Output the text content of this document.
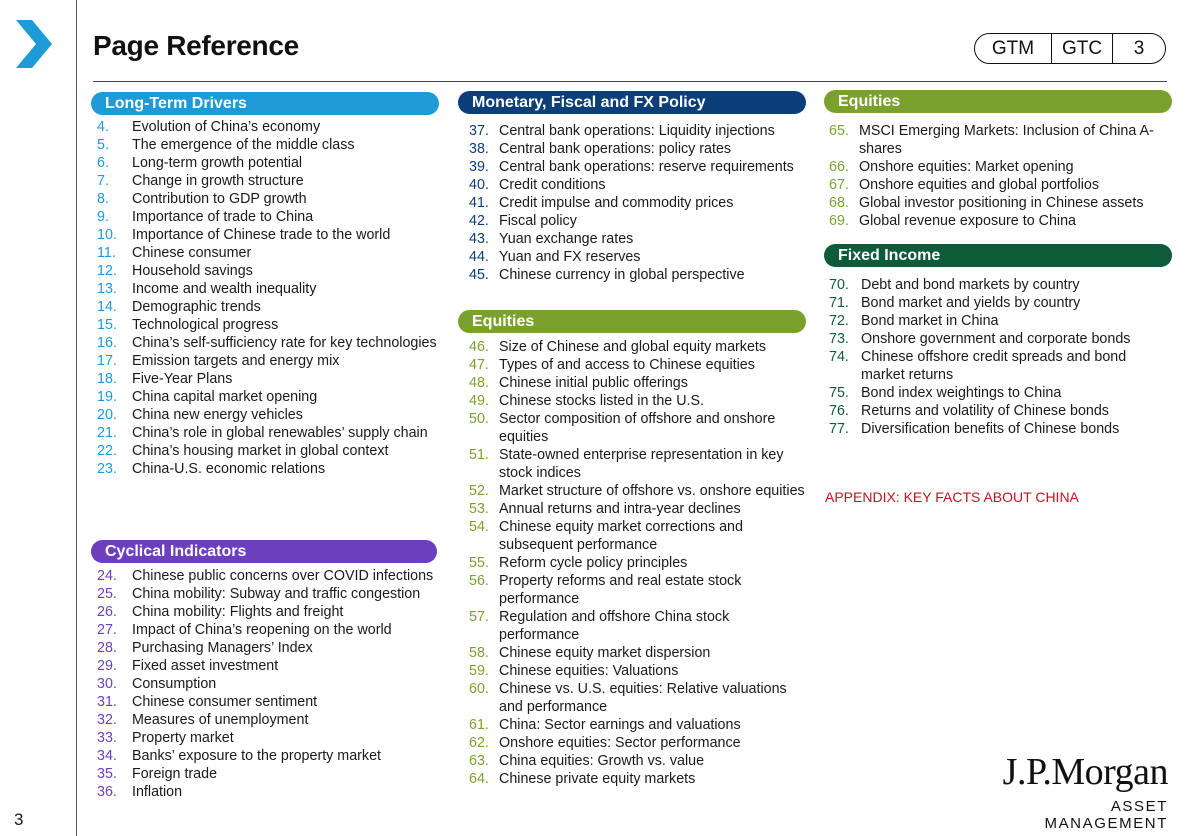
3
Page Reference	GTM	GTC	3
Long-Term Drivers
4.	Evolution of China’s economy
5.	The emergence of the middle class
6.	Long-term growth potential
7.	Change in growth structure
8.	Contribution to GDP growth
9.	Importance of trade to China
10.	Importance of Chinese trade to the world
11.	Chinese consumer
12.	Household savings
13.	Income and wealth inequality
14.	Demographic trends
15.	Technological progress
16.	China’s self-sufficiency rate for key technologies
17.	Emission targets and energy mix
18.	Five-Year Plans
19.	China capital market opening
20.	China new energy vehicles
21.	China’s role in global renewables’ supply chain
22.	China’s housing market in global context
23.	China-U.S. economic relations
Cyclical Indicators
24.	Chinese public concerns over COVID infections
25.	China mobility: Subway and traffic congestion
26.	China mobility: Flights and freight
27.	Impact of China’s reopening on the world
28.	Purchasing Managers’ Index
29.	Fixed asset investment
30.	Consumption
31.	Chinese consumer sentiment
32.	Measures of unemployment
33.	Property market
34.	Banks’ exposure to the property market
35.	Foreign trade
36.	Inflation
Monetary, Fiscal and FX Policy
37. Central bank operations: Liquidity injections
38. Central bank operations: policy rates
39. Central bank operations: reserve requirements
40. Credit conditions
41. Credit impulse and commodity prices
42. Fiscal policy
43. Yuan exchange rates
44. Yuan and FX reserves
45. Chinese currency in global perspective
Equities
46. Size of Chinese and global equity markets
47. Types of and access to Chinese equities
48. Chinese initial public offerings
49. Chinese stocks listed in the U.S.
50. Sector composition of offshore and onshore equities
51. State-owned enterprise representation in key stock indices
52. Market structure of offshore vs. onshore equities
53. Annual returns and intra-year declines
54. Chinese equity market corrections and subsequent performance
55. Reform cycle policy principles
56. Property reforms and real estate stock performance
57. Regulation and offshore China stock performance
58. Chinese equity market dispersion
59. Chinese equities: Valuations
60. Chinese vs. U.S. equities: Relative valuations and performance
61. China: Sector earnings and valuations
62. Onshore equities: Sector performance
63. China equities: Growth vs. value
64. Chinese private equity markets
Equities
65. MSCI Emerging Markets: Inclusion of China A-shares
66. Onshore equities: Market opening
67. Onshore equities and global portfolios
68. Global investor positioning in Chinese assets
69. Global revenue exposure to China
Fixed Income
70. Debt and bond markets by country
71. Bond market and yields by country
72. Bond market in China
73. Onshore government and corporate bonds
74. Chinese offshore credit spreads and bond market returns
75. Bond index weightings to China
76. Returns and volatility of Chinese bonds
77. Diversification benefits of Chinese bonds
APPENDIX: KEY FACTS ABOUT CHINA
J.P.Morgan
ASSET MANAGEMENT
